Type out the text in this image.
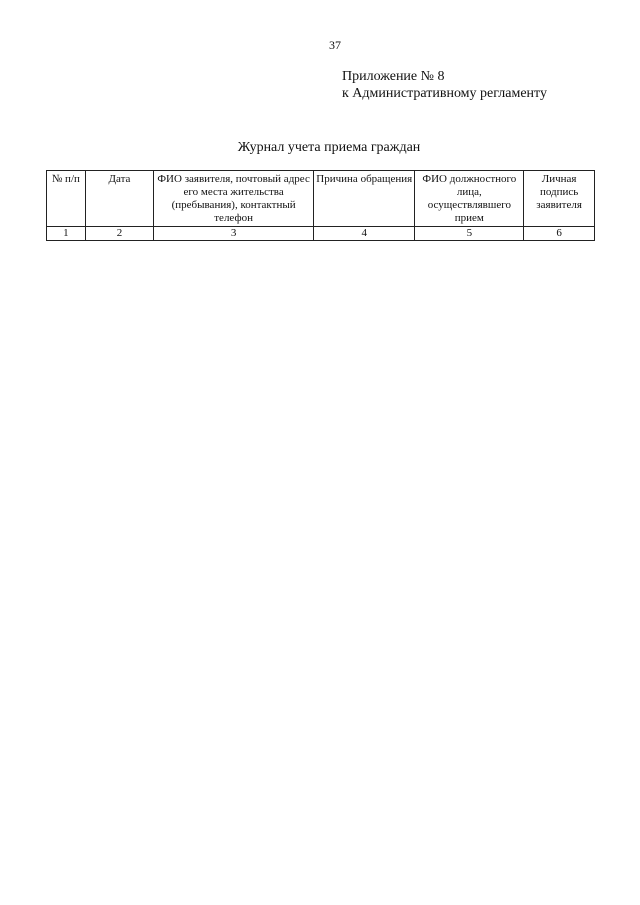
37
Приложение № 8
к Административному регламенту
Журнал учета приема граждан
№ п/п	Дата	ФИО заявителя, почтовый адрес его места жительства (пребывания), контактный телефон	Причина обращения	ФИО должностного лица, осуществлявшего прием	Личная подпись заявителя
1	2	3	4	5	6
